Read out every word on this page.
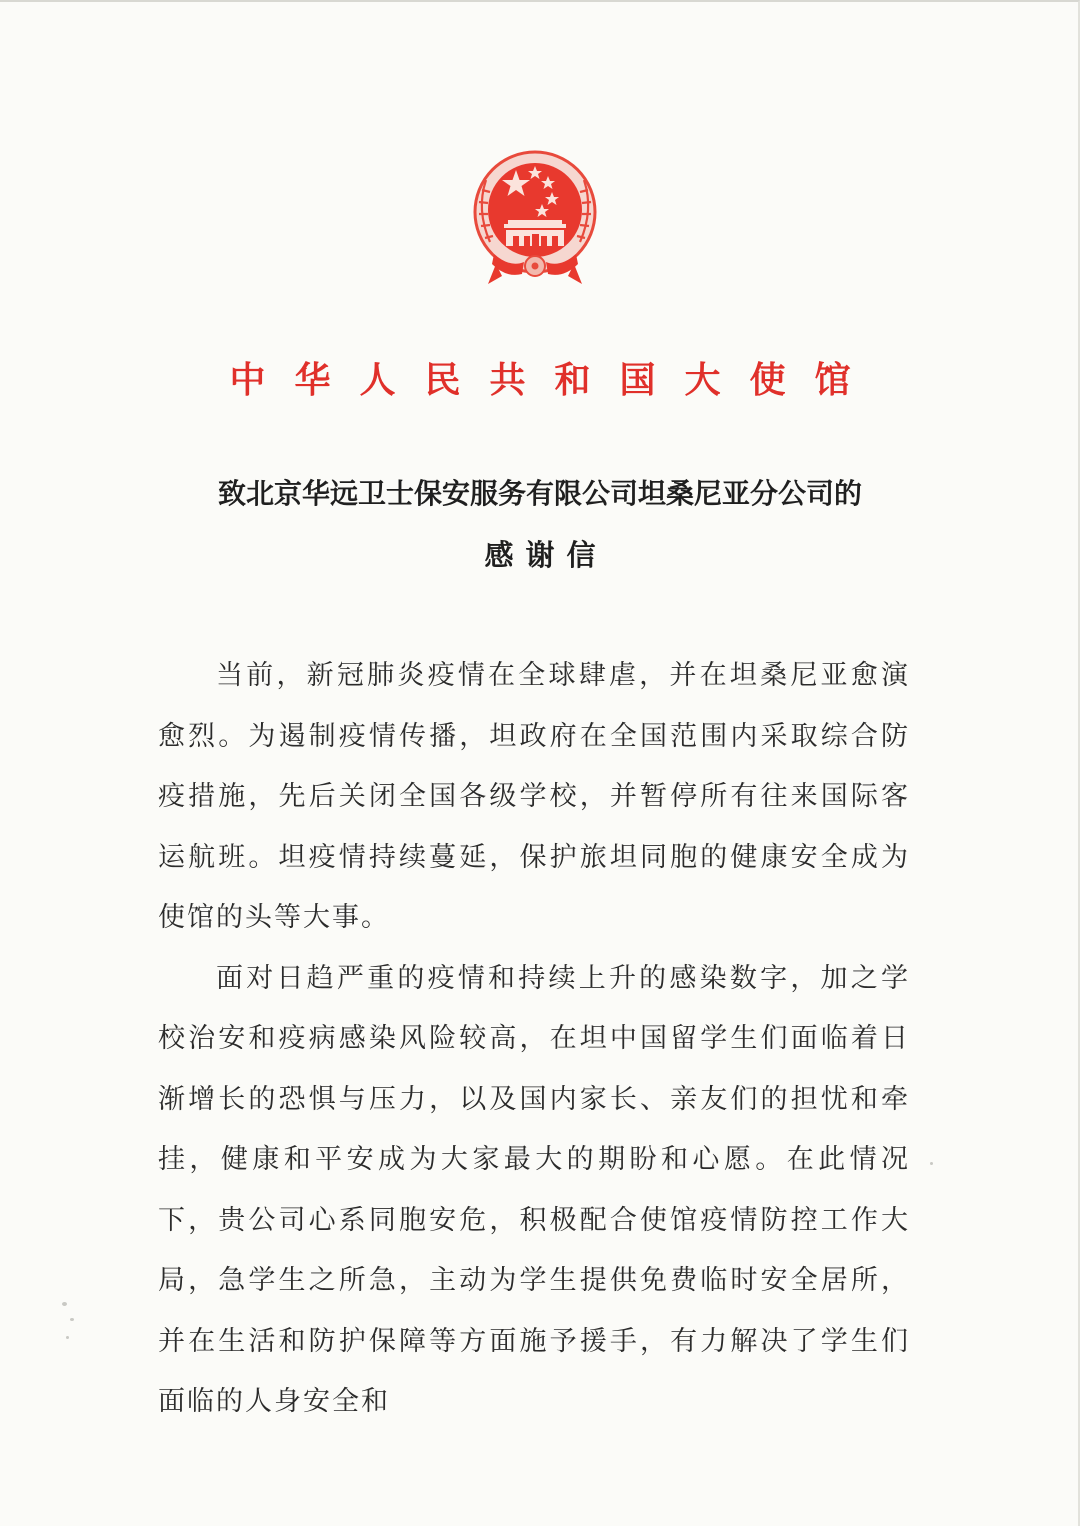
中华人民共和国大使馆
致北京华远卫士保安服务有限公司坦桑尼亚分公司的
感谢信

当前，新冠肺炎疫情在全球肆虐，并在坦桑尼亚愈演愈烈。为遏制疫情传播，坦政府在全国范围内采取综合防疫措施，先后关闭全国各级学校，并暂停所有往来国际客运航班。坦疫情持续蔓延，保护旅坦同胞的健康安全成为使馆的头等大事。

面对日趋严重的疫情和持续上升的感染数字，加之学校治安和疫病感染风险较高，在坦中国留学生们面临着日渐增长的恐惧与压力，以及国内家长、亲友们的担忧和牵挂，健康和平安成为大家最大的期盼和心愿。在此情况下，贵公司心系同胞安危，积极配合使馆疫情防控工作大局，急学生之所急，主动为学生提供免费临时安全居所，并在生活和防护保障等方面施予援手，有力解决了学生们面临的人身安全和
